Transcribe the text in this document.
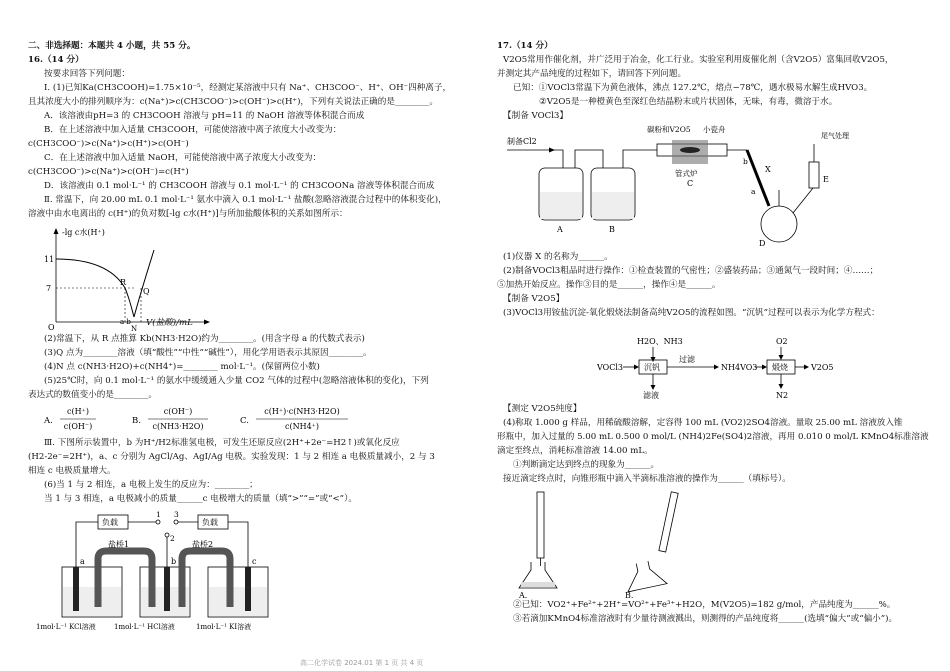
二、非选择题：本题共 4 小题，共 55 分。
16.（14 分）
按要求回答下列问题：
Ⅰ. (1)已知Ka(CH3COOH)=1.75×10⁻⁵，经测定某溶液中只有 Na⁺、CH3COO⁻、H⁺、OH⁻四种离子，
且其浓度大小的排列顺序为：c(Na⁺)>c(CH3COO⁻)>c(OH⁻)>c(H⁺)，下列有关说法正确的是________。
A．该溶液由pH=3 的 CH3COOH 溶液与 pH=11 的 NaOH 溶液等体积混合而成
B．在上述溶液中加入适量 CH3COOH，可能使溶液中离子浓度大小改变为：
c(CH3COO⁻)>c(Na⁺)>c(H⁺)>c(OH⁻)
C．在上述溶液中加入适量 NaOH，可能使溶液中离子浓度大小改变为：
c(CH3COO⁻)>c(Na⁺)>c(OH⁻)=c(H⁺)
D．该溶液由 0.1 mol·L⁻¹ 的 CH3COOH 溶液与 0.1 mol·L⁻¹ 的 CH3COONa 溶液等体积混合而成
Ⅱ. 常温下，向 20.00 mL 0.1 mol·L⁻¹ 氨水中滴入 0.1 mol·L⁻¹ 盐酸(忽略溶液混合过程中的体积变化)，
溶液中由水电离出的 c(H⁺)的负对数[-lg c水(H⁺)]与所加盐酸体积的关系如图所示：
-lg c水(H⁺)
11
7
O
R
Q
N
a b V(盐酸)/mL
(2)常温下，从 R 点推算 Kb(NH3·H2O)约为________。(用含字母 a 的代数式表示)
(3)Q 点为________溶液（填“酸性”“中性”“碱性”），用化学用语表示其原因________。
(4)N 点 c(NH3·H2O)+c(NH4⁺)=________ mol·L⁻¹。(保留两位小数)
(5)25℃时，向 0.1 mol·L⁻¹ 的氨水中缓缓通入少量 CO2 气体的过程中(忽略溶液体积的变化)，下列
表达式的数值变小的是________。
A.
c(H⁺)
c(OH⁻)
B.
c(OH⁻)
c(NH3·H2O)
C.
c(H⁺)·c(NH3·H2O)
c(NH4⁺)
Ⅲ. 下图所示装置中，b 为H⁺/H2标准氢电极，可发生还原反应(2H⁺+2e⁻=H2↑)或氧化反应
(H2-2e⁻=2H⁺)，a、c 分别为 AgCl/Ag、AgI/Ag 电极。实验发现：1 与 2 相连 a 电极质量减小，2 与 3
相连 c 电极质量增大。
(6)当 1 与 2 相连，a 电极上发生的反应为：________；
当 1 与 3 相连，a 电极减小的质量______c 电极增大的质量（填“>”“=”或“<”）。
负载	负载
1 3
2
a	b	c
盐桥1	盐桥2
1mol·L⁻¹ KCl溶液	1mol·L⁻¹ HCl溶液	1mol·L⁻¹ KI溶液
17.（14 分）
V2O5常用作催化剂，并广泛用于冶金，化工行业。实验室利用废催化剂（含V2O5）富集回收V2O5，
并测定其产品纯度的过程如下，请回答下列问题。
已知：①VOCl3常温下为黄色液体，沸点 127.2℃，熔点−78℃，遇水极易水解生成HVO3。
②V2O5是一种橙黄色至深红色结晶粉末或片状固体，无味，有毒，微溶于水。
【制备 VOCl3】
制备Cl2
A	B
碳粉和V2O5 小瓷舟
管式炉
C
X
a
b
D
E
尾气处理
(1)仪器 X 的名称为______。
(2)制备VOCl3粗品时进行操作：①检查装置的气密性；②盛装药品；③通氮气一段时间；④……；
⑤加热开始反应。操作③目的是______，操作④是______。
【制备 V2O5】
(3)VOCl3用铵盐沉淀-氧化煅烧法制备高纯V2O5的流程如图。“沉钒”过程可以表示为化学方程式：
H2O、NH3
VOCl3	沉钒
滤液
过滤
NH4VO3 煅烧
O2
N2
V2O5
【测定 V2O5纯度】
(4)称取 1.000 g 样品，用稀硫酸溶解，定容得 100 mL (VO2)2SO4溶液。量取 25.00 mL 溶液放入锥
形瓶中，加入过量的 5.00 mL 0.500 0 mol/L (NH4)2Fe(SO4)2溶液，再用 0.010 0 mol/L KMnO4标准溶液
滴定至终点，消耗标准溶液 14.00 mL。
①判断滴定达到终点的现象为______。
接近滴定终点时，向锥形瓶中滴入半滴标准溶液的操作为______（填标号）。
A.	B.
②已知：VO2⁺+Fe²⁺+2H⁺=VO²⁺+Fe³⁺+H2O，M(V2O5)=182 g/mol，产品纯度为______%。
③若滴加KMnO4标准溶液时有少量待测液溅出，则测得的产品纯度将______(选填“偏大”或“偏小”)。
高二化学试卷 2024.01 第 1 页 共 4 页
